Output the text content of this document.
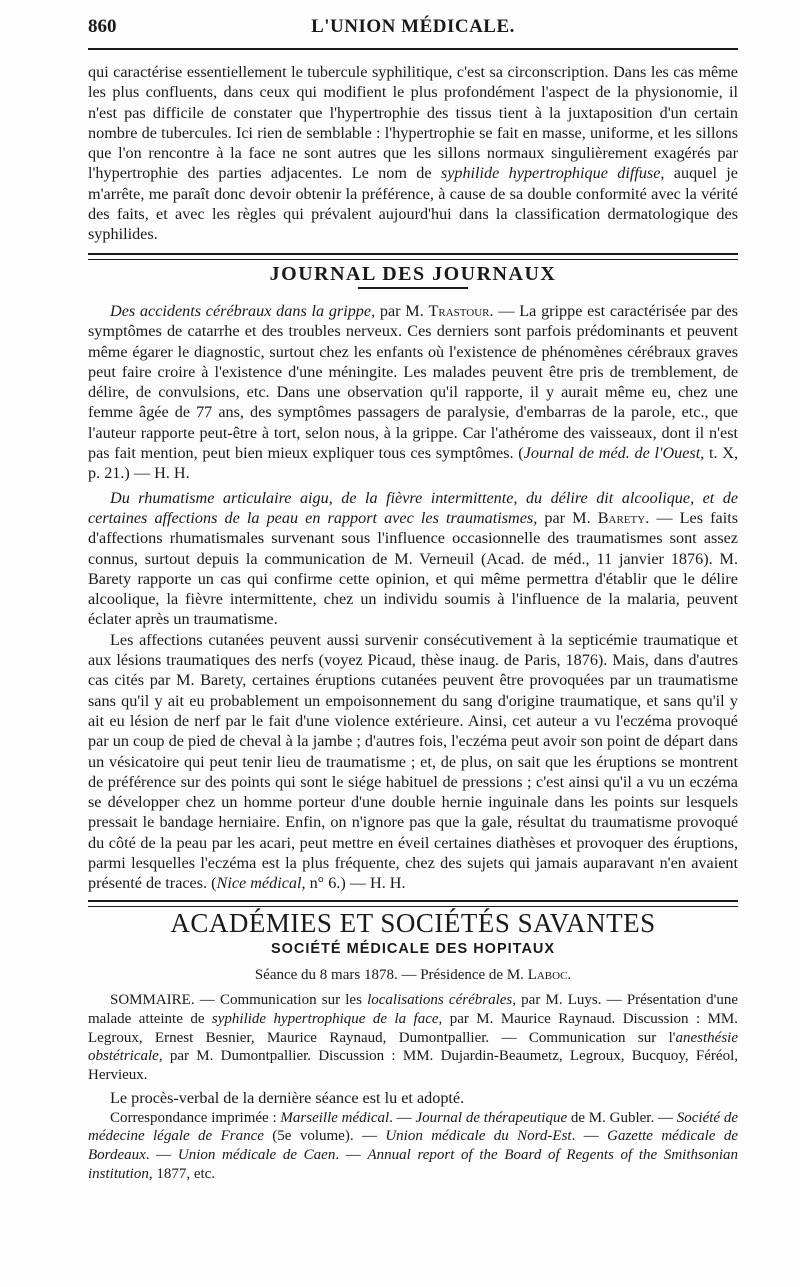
860	L'UNION MÉDICALE.

qui caractérise essentiellement le tubercule syphilitique, c'est sa circonscription. Dans les cas même les plus confluents, dans ceux qui modifient le plus profondément l'aspect de la physionomie, il n'est pas difficile de constater que l'hypertrophie des tissus tient à la juxtaposition d'un certain nombre de tubercules. Ici rien de semblable : l'hypertrophie se fait en masse, uniforme, et les sillons que l'on rencontre à la face ne sont autres que les sillons normaux singulièrement exagérés par l'hypertrophie des parties adjacentes. Le nom de syphilide hypertrophique diffuse, auquel je m'arrête, me paraît donc devoir obtenir la préférence, à cause de sa double conformité avec la vérité des faits, et avec les règles qui prévalent aujourd'hui dans la classification dermatologique des syphilides.

JOURNAL DES JOURNAUX

Des accidents cérébraux dans la grippe, par M. Trastour. — La grippe est caractérisée par des symptômes de catarrhe et des troubles nerveux. Ces derniers sont parfois prédominants et peuvent même égarer le diagnostic, surtout chez les enfants où l'existence de phénomènes cérébraux graves peut faire croire à l'existence d'une méningite. Les malades peuvent être pris de tremblement, de délire, de convulsions, etc. Dans une observation qu'il rapporte, il y aurait même eu, chez une femme âgée de 77 ans, des symptômes passagers de paralysie, d'embarras de la parole, etc., que l'auteur rapporte peut-être à tort, selon nous, à la grippe. Car l'athérome des vaisseaux, dont il n'est pas fait mention, peut bien mieux expliquer tous ces symptômes. (Journal de méd. de l'Ouest, t. X, p. 21.) — H. H.

Du rhumatisme articulaire aigu, de la fièvre intermittente, du délire dit alcoolique, et de certaines affections de la peau en rapport avec les traumatismes, par M. Barety. — Les faits d'affections rhumatismales survenant sous l'influence occasionnelle des traumatismes sont assez connus, surtout depuis la communication de M. Verneuil (Acad. de méd., 11 janvier 1876). M. Barety rapporte un cas qui confirme cette opinion, et qui même permettra d'établir que le délire alcoolique, la fièvre intermittente, chez un individu soumis à l'influence de la malaria, peuvent éclater après un traumatisme.

Les affections cutanées peuvent aussi survenir consécutivement à la septicémie traumatique et aux lésions traumatiques des nerfs (voyez Picaud, thèse inaug. de Paris, 1876). Mais, dans d'autres cas cités par M. Barety, certaines éruptions cutanées peuvent être provoquées par un traumatisme sans qu'il y ait eu probablement un empoisonnement du sang d'origine traumatique, et sans qu'il y ait eu lésion de nerf par le fait d'une violence extérieure. Ainsi, cet auteur a vu l'eczéma provoqué par un coup de pied de cheval à la jambe ; d'autres fois, l'eczéma peut avoir son point de départ dans un vésicatoire qui peut tenir lieu de traumatisme ; et, de plus, on sait que les éruptions se montrent de préférence sur des points qui sont le siége habituel de pressions ; c'est ainsi qu'il a vu un eczéma se développer chez un homme porteur d'une double hernie inguinale dans les points sur lesquels pressait le bandage herniaire. Enfin, on n'ignore pas que la gale, résultat du traumatisme provoqué du côté de la peau par les acari, peut mettre en éveil certaines diathèses et provoquer des éruptions, parmi lesquelles l'eczéma est la plus fréquente, chez des sujets qui jamais auparavant n'en avaient présenté de traces. (Nice médical, n° 6.) — H. H.

ACADÉMIES ET SOCIÉTÉS SAVANTES
SOCIÉTÉ MÉDICALE DES HOPITAUX
Séance du 8 mars 1878. — Présidence de M. Laboc.

SOMMAIRE. — Communication sur les localisations cérébrales, par M. Luys. — Présentation d'une malade atteinte de syphilide hypertrophique de la face, par M. Maurice Raynaud. Discussion : MM. Legroux, Ernest Besnier, Maurice Raynaud, Dumontpallier. — Communication sur l'anesthésie obstétricale, par M. Dumontpallier. Discussion : MM. Dujardin-Beaumetz, Legroux, Bucquoy, Féréol, Hervieux.

Le procès-verbal de la dernière séance est lu et adopté.

Correspondance imprimée : Marseille médical. — Journal de thérapeutique de M. Gubler. — Société de médecine légale de France (5e volume). — Union médicale du Nord-Est. — Gazette médicale de Bordeaux. — Union médicale de Caen. — Annual report of the Board of Regents of the Smithsonian institution, 1877, etc.
